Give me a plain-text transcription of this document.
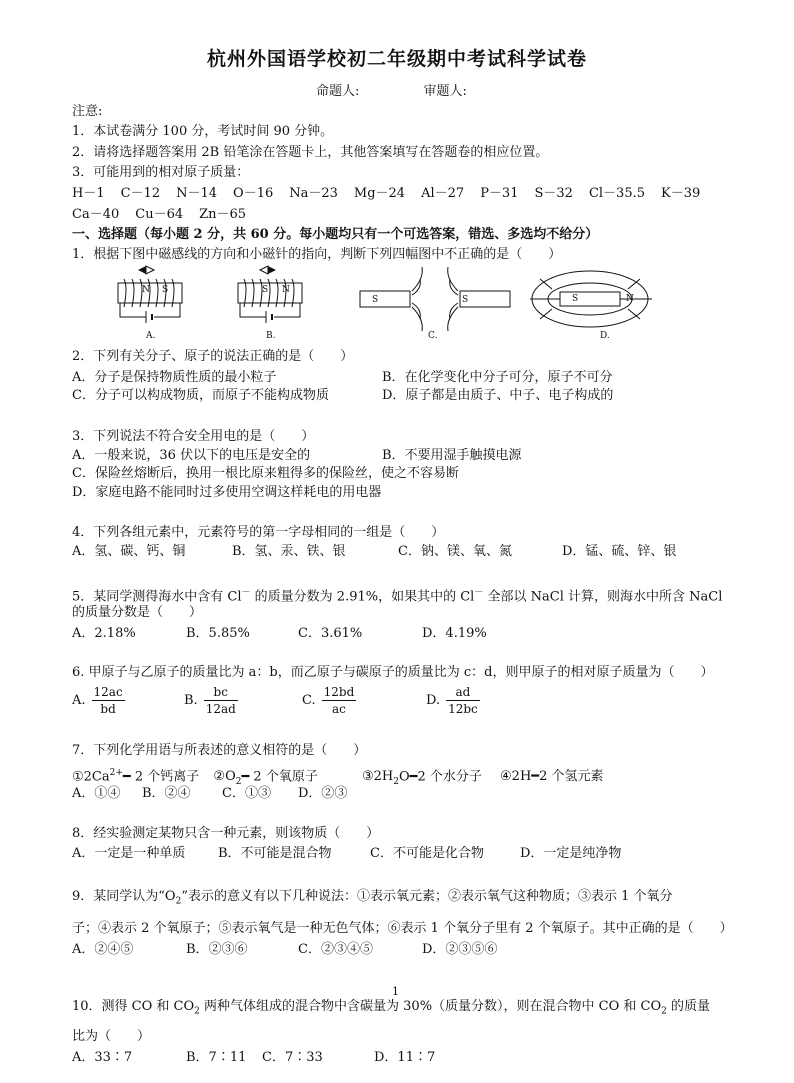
杭州外国语学校初二年级期中考试科学试卷
命题人:	审题人:
注意:
1．本试卷满分 100 分，考试时间 90 分钟。
2．请将选择题答案用 2B 铅笔涂在答题卡上，其他答案填写在答题卷的相应位置。
3．可能用到的相对原子质量：
H－1 C－12 N－14 O－16 Na－23 Mg－24 Al－27 P－31 S－32 Cl－35.5 K－39
Ca－40 Cu－64 Zn－65
一、选择题（每小题 2 分，共 60 分。每小题均只有一个可选答案，错选、多选均不给分）
1．根据下图中磁感线的方向和小磁针的指向，判断下列四幅图中不正确的是（　　）
N S	S N
S	S	S	N
A.	B.	C.	D.
2．下列有关分子、原子的说法正确的是（　　）
A．分子是保持物质性质的最小粒子	B．在化学变化中分子可分，原子不可分
C．分子可以构成物质，而原子不能构成物质	D．原子都是由质子、中子、电子构成的
3．下列说法不符合安全用电的是（　　）
A．一般来说，36 伏以下的电压是安全的	B．不要用湿手触摸电源
C．保险丝熔断后，换用一根比原来粗得多的保险丝，使之不容易断
D．家庭电路不能同时过多使用空调这样耗电的用电器
4．下列各组元素中，元素符号的第一字母相同的一组是（　　）
A．氢、碳、钙、铜	B．氢、汞、铁、银	C．钠、镁、氧、氮	D．锰、硫、锌、银
5．某同学测得海水中含有 Cl－ 的质量分数为 2.91%，如果其中的 Cl－ 全部以 NaCl 计算，则海水中所含 NaCl
的质量分数是（　　）
A．2.18%	B．5.85%	C．3.61%	D．4.19%
6. 甲原子与乙原子的质量比为 a：b，而乙原子与碳原子的质量比为 c：d，则甲原子的相对原子质量为（　　）
A. $\frac{12ac}{bd}$	B. $\frac{bc}{12ad}$	C. $\frac{12bd}{ac}$	D. $\frac{ad}{12bc}$
7．下列化学用语与所表述的意义相符的是（　　）
$①2Ca^{2+}━$ 2 个钙离子 $②O_2━$ 2 个氧原子	$③2H_2O━2$ 个水分子 ④2H━2 个氢元素
A．①④ B．②④ C．①③ D．②③
8．经实验测定某物只含一种元素，则该物质（　　）
A．一定是一种单质	B．不可能是混合物	C．不可能是化合物	D．一定是纯净物
9．某同学认为“$O_2$”表示的意义有以下几种说法：①表示氧元素；②表示氧气这种物质；③表示 1 个氧分
子；④表示 2 个氧原子；⑤表示氧气是一种无色气体；⑥表示 1 个氧分子里有 2 个氧原子。其中正确的是（　　）
A．②④⑤	B．②③⑥	C．②③④⑤	D．②③⑤⑥
1
10．测得 CO 和 $CO_2$ 两种气体组成的混合物中含碳量为 30%（质量分数），则在混合物中 CO 和 $CO_2$ 的质量
比为（　　）
A．33∶7	B．7∶11 C．7∶33	D．11∶7
